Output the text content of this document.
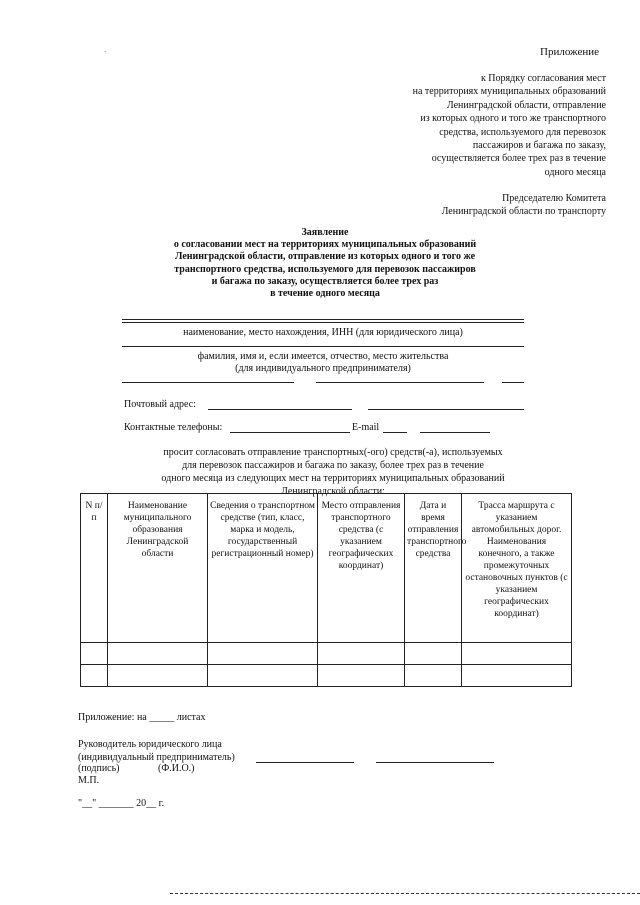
·	Приложение
к Порядку согласования мест
на территориях муниципальных образований
Ленинградской области, отправление
из которых одного и того же транспортного
средства, используемого для перевозок
пассажиров и багажа по заказу,
осуществляется более трех раз в течение
одного месяца
Председателю Комитета
Ленинградской области по транспорту
Заявление
о согласовании мест на территориях муниципальных образований
Ленинградской области, отправление из которых одного и того же
транспортного средства, используемого для перевозок пассажиров
и багажа по заказу, осуществляется более трех раз
в течение одного месяца
наименование, место нахождения, ИНН (для юридического лица)
фамилия, имя и, если имеется, отчество, место жительства
(для индивидуального предпринимателя)
Почтовый адрес:
Контактные телефоны:	E-mail
просит согласовать отправление транспортных(-ого) средств(-а), используемых
для перевозок пассажиров и багажа по заказу, более трех раз в течение
одного месяца из следующих мест на территориях муниципальных образований
Ленинградской области:
N п/п	Наименование муниципального образования Ленинградской области	Сведения о транспортном средстве (тип, класс, марка и модель, государственный регистрационный номер)	Место отправления транспортного средства (с указанием географических координат)	Дата и время отправления транспортного средства	Трасса маршрута с указанием автомобильных дорог. Наименования конечного, а также промежуточных остановочных пунктов (с указанием географических координат)

Приложение: на _____ листах
Руководитель юридического лица
(индивидуальный предприниматель)
(подпись)	(Ф.И.О.)
М.П.
"__" _______ 20__ г.
